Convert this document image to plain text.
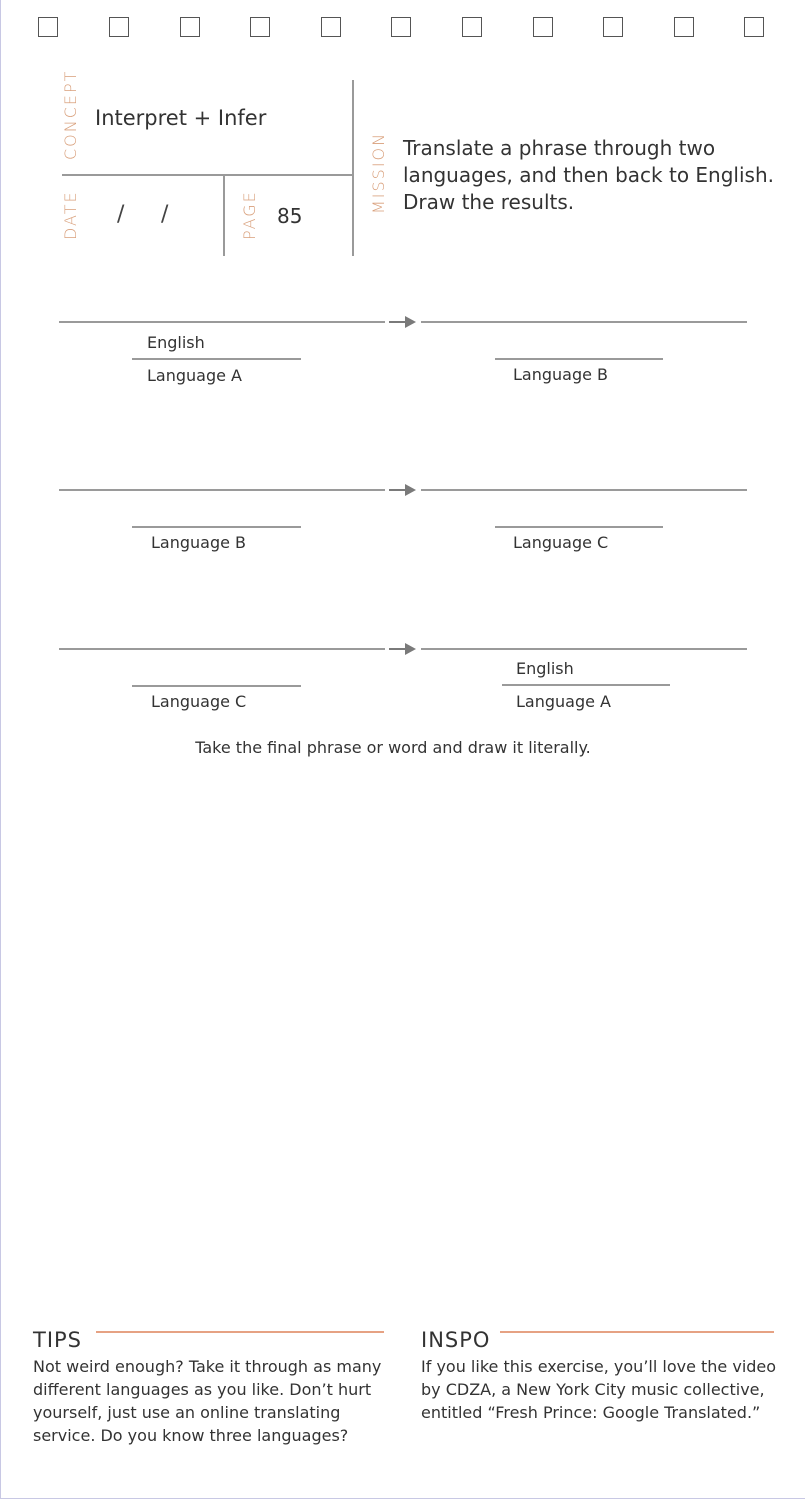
CONCEPT Interpret + Infer
DATE / /	PAGE 85
MISSION Translate a phrase through two languages, and then back to English. Draw the results.
English
Language A	Language B
Language B	Language C
Language C
English
Language A
Take the final phrase or word and draw it literally.
TIPS
Not weird enough? Take it through as many different languages as you like. Don’t hurt yourself, just use an online translating service. Do you know three languages?
INSPO
If you like this exercise, you’ll love the video by CDZA, a New York City music collective, entitled “Fresh Prince: Google Translated.”
